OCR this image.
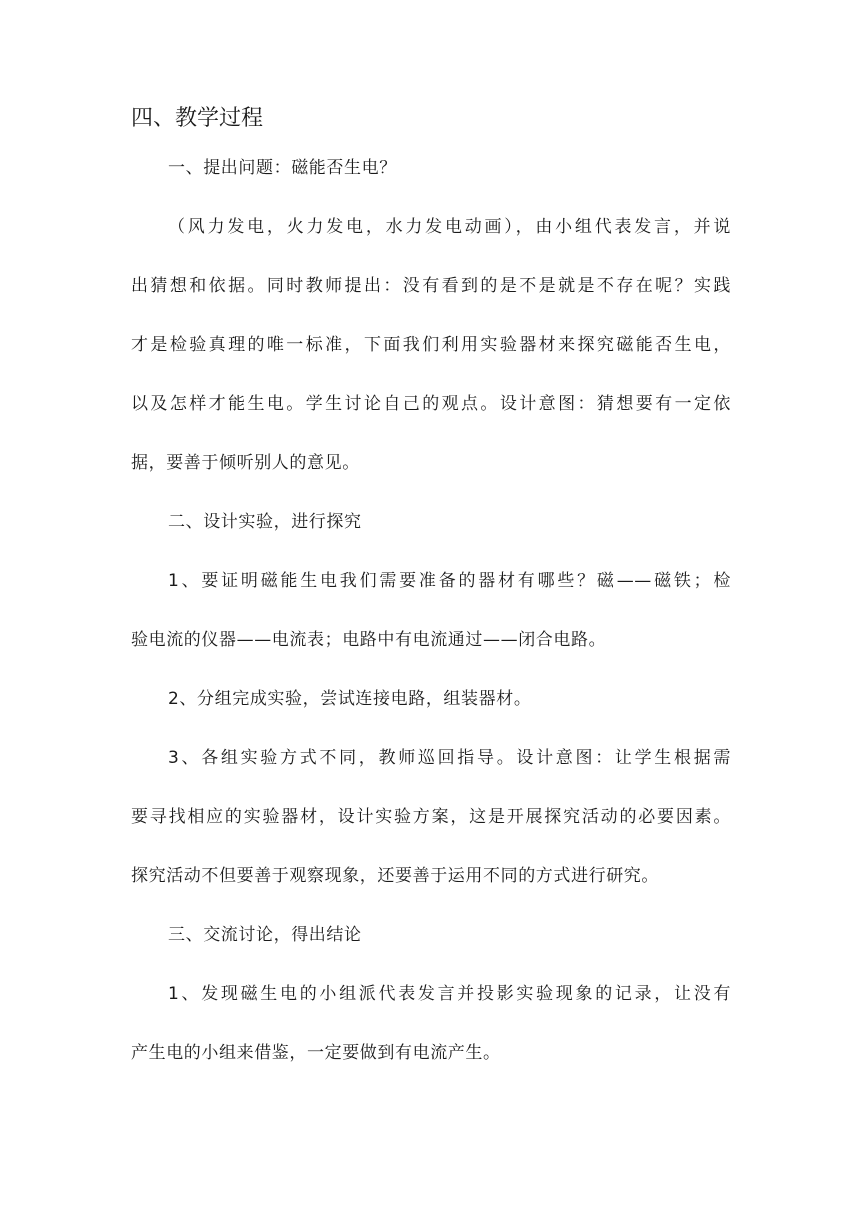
四、教学过程
一、提出问题：磁能否生电？
（风力发电，火力发电，水力发电动画），由小组代表发言，并说
出猜想和依据。同时教师提出：没有看到的是不是就是不存在呢？实践
才是检验真理的唯一标准，下面我们利用实验器材来探究磁能否生电，
以及怎样才能生电。学生讨论自己的观点。设计意图：猜想要有一定依
据，要善于倾听别人的意见。
二、设计实验，进行探究
1、要证明磁能生电我们需要准备的器材有哪些？磁——磁铁；检
验电流的仪器——电流表；电路中有电流通过——闭合电路。
2、分组完成实验，尝试连接电路，组装器材。
3、各组实验方式不同，教师巡回指导。设计意图：让学生根据需
要寻找相应的实验器材，设计实验方案，这是开展探究活动的必要因素。
探究活动不但要善于观察现象，还要善于运用不同的方式进行研究。
三、交流讨论，得出结论
1、发现磁生电的小组派代表发言并投影实验现象的记录，让没有
产生电的小组来借鉴，一定要做到有电流产生。
